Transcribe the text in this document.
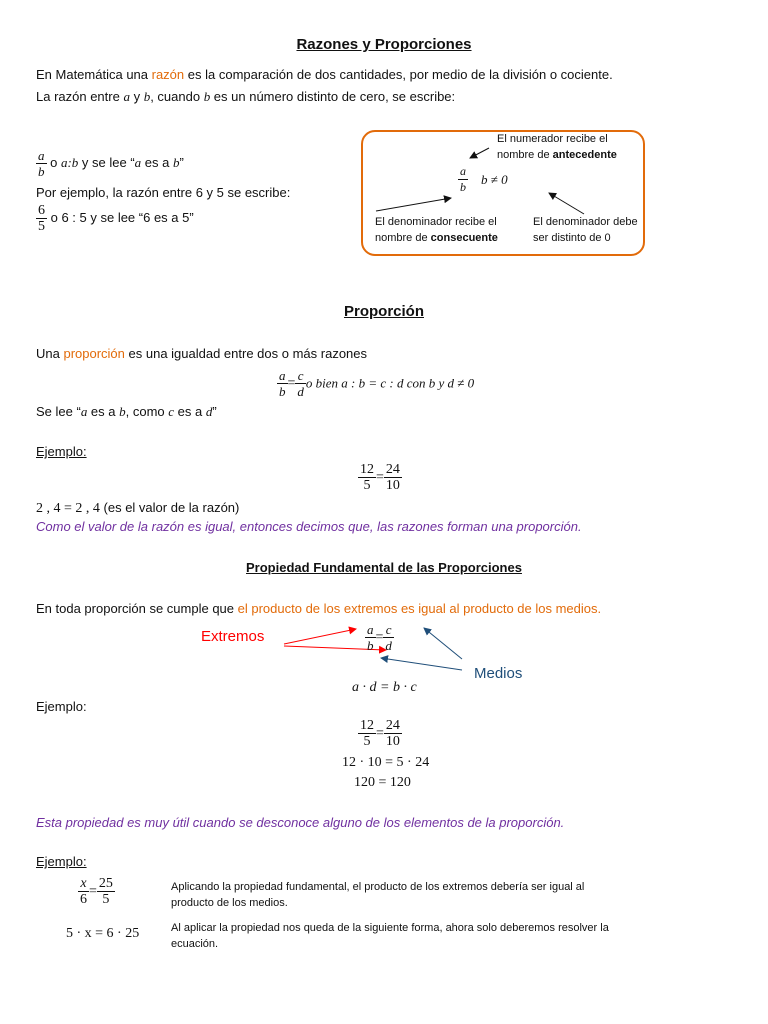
Razones y Proporciones
En Matemática una razón es la comparación de dos cantidades, por medio de la división o cociente.
La razón entre a y b, cuando b es un número distinto de cero, se escribe:
$\frac{a}{b}$ o a:b y se lee “a es a b”
Por ejemplo, la razón entre 6 y 5 se escribe:
$\frac{6}{5}$ o 6 : 5 y se lee “6 es a 5”
El numerador recibe el
nombre de antecedente
$\frac{a}{b}$ b ≠ 0
El denominador recibe el
nombre de consecuente
El denominador debe
ser distinto de 0
Proporción
Una proporción es una igualdad entre dos o más razones
$\frac{a}{b} = \frac{c}{d}$ o bien a : b = c : d con b y d ≠ 0
Se lee “a es a b, como c es a d”
Ejemplo:
$\frac{12}{5} = \frac{24}{10}$
2 , 4 = 2 , 4 (es el valor de la razón)
Como el valor de la razón es igual, entonces decimos que, las razones forman una proporción.
Propiedad Fundamental de las Proporciones
En toda proporción se cumple que el producto de los extremos es igual al producto de los medios.
Extremos
Medios
$\frac{a}{b} = \frac{c}{d}$
a · d = b · c
Ejemplo:
$\frac{12}{5} = \frac{24}{10}$
12 · 10 = 5 · 24
120 = 120
Esta propiedad es muy útil cuando se desconoce alguno de los elementos de la proporción.
Ejemplo:
$\frac{x}{6} = \frac{25}{5}$	Aplicando la propiedad fundamental, el producto de los extremos debería ser igual al
producto de los medios.
5 · x = 6 · 25	Al aplicar la propiedad nos queda de la siguiente forma, ahora solo deberemos resolver la
ecuación.
